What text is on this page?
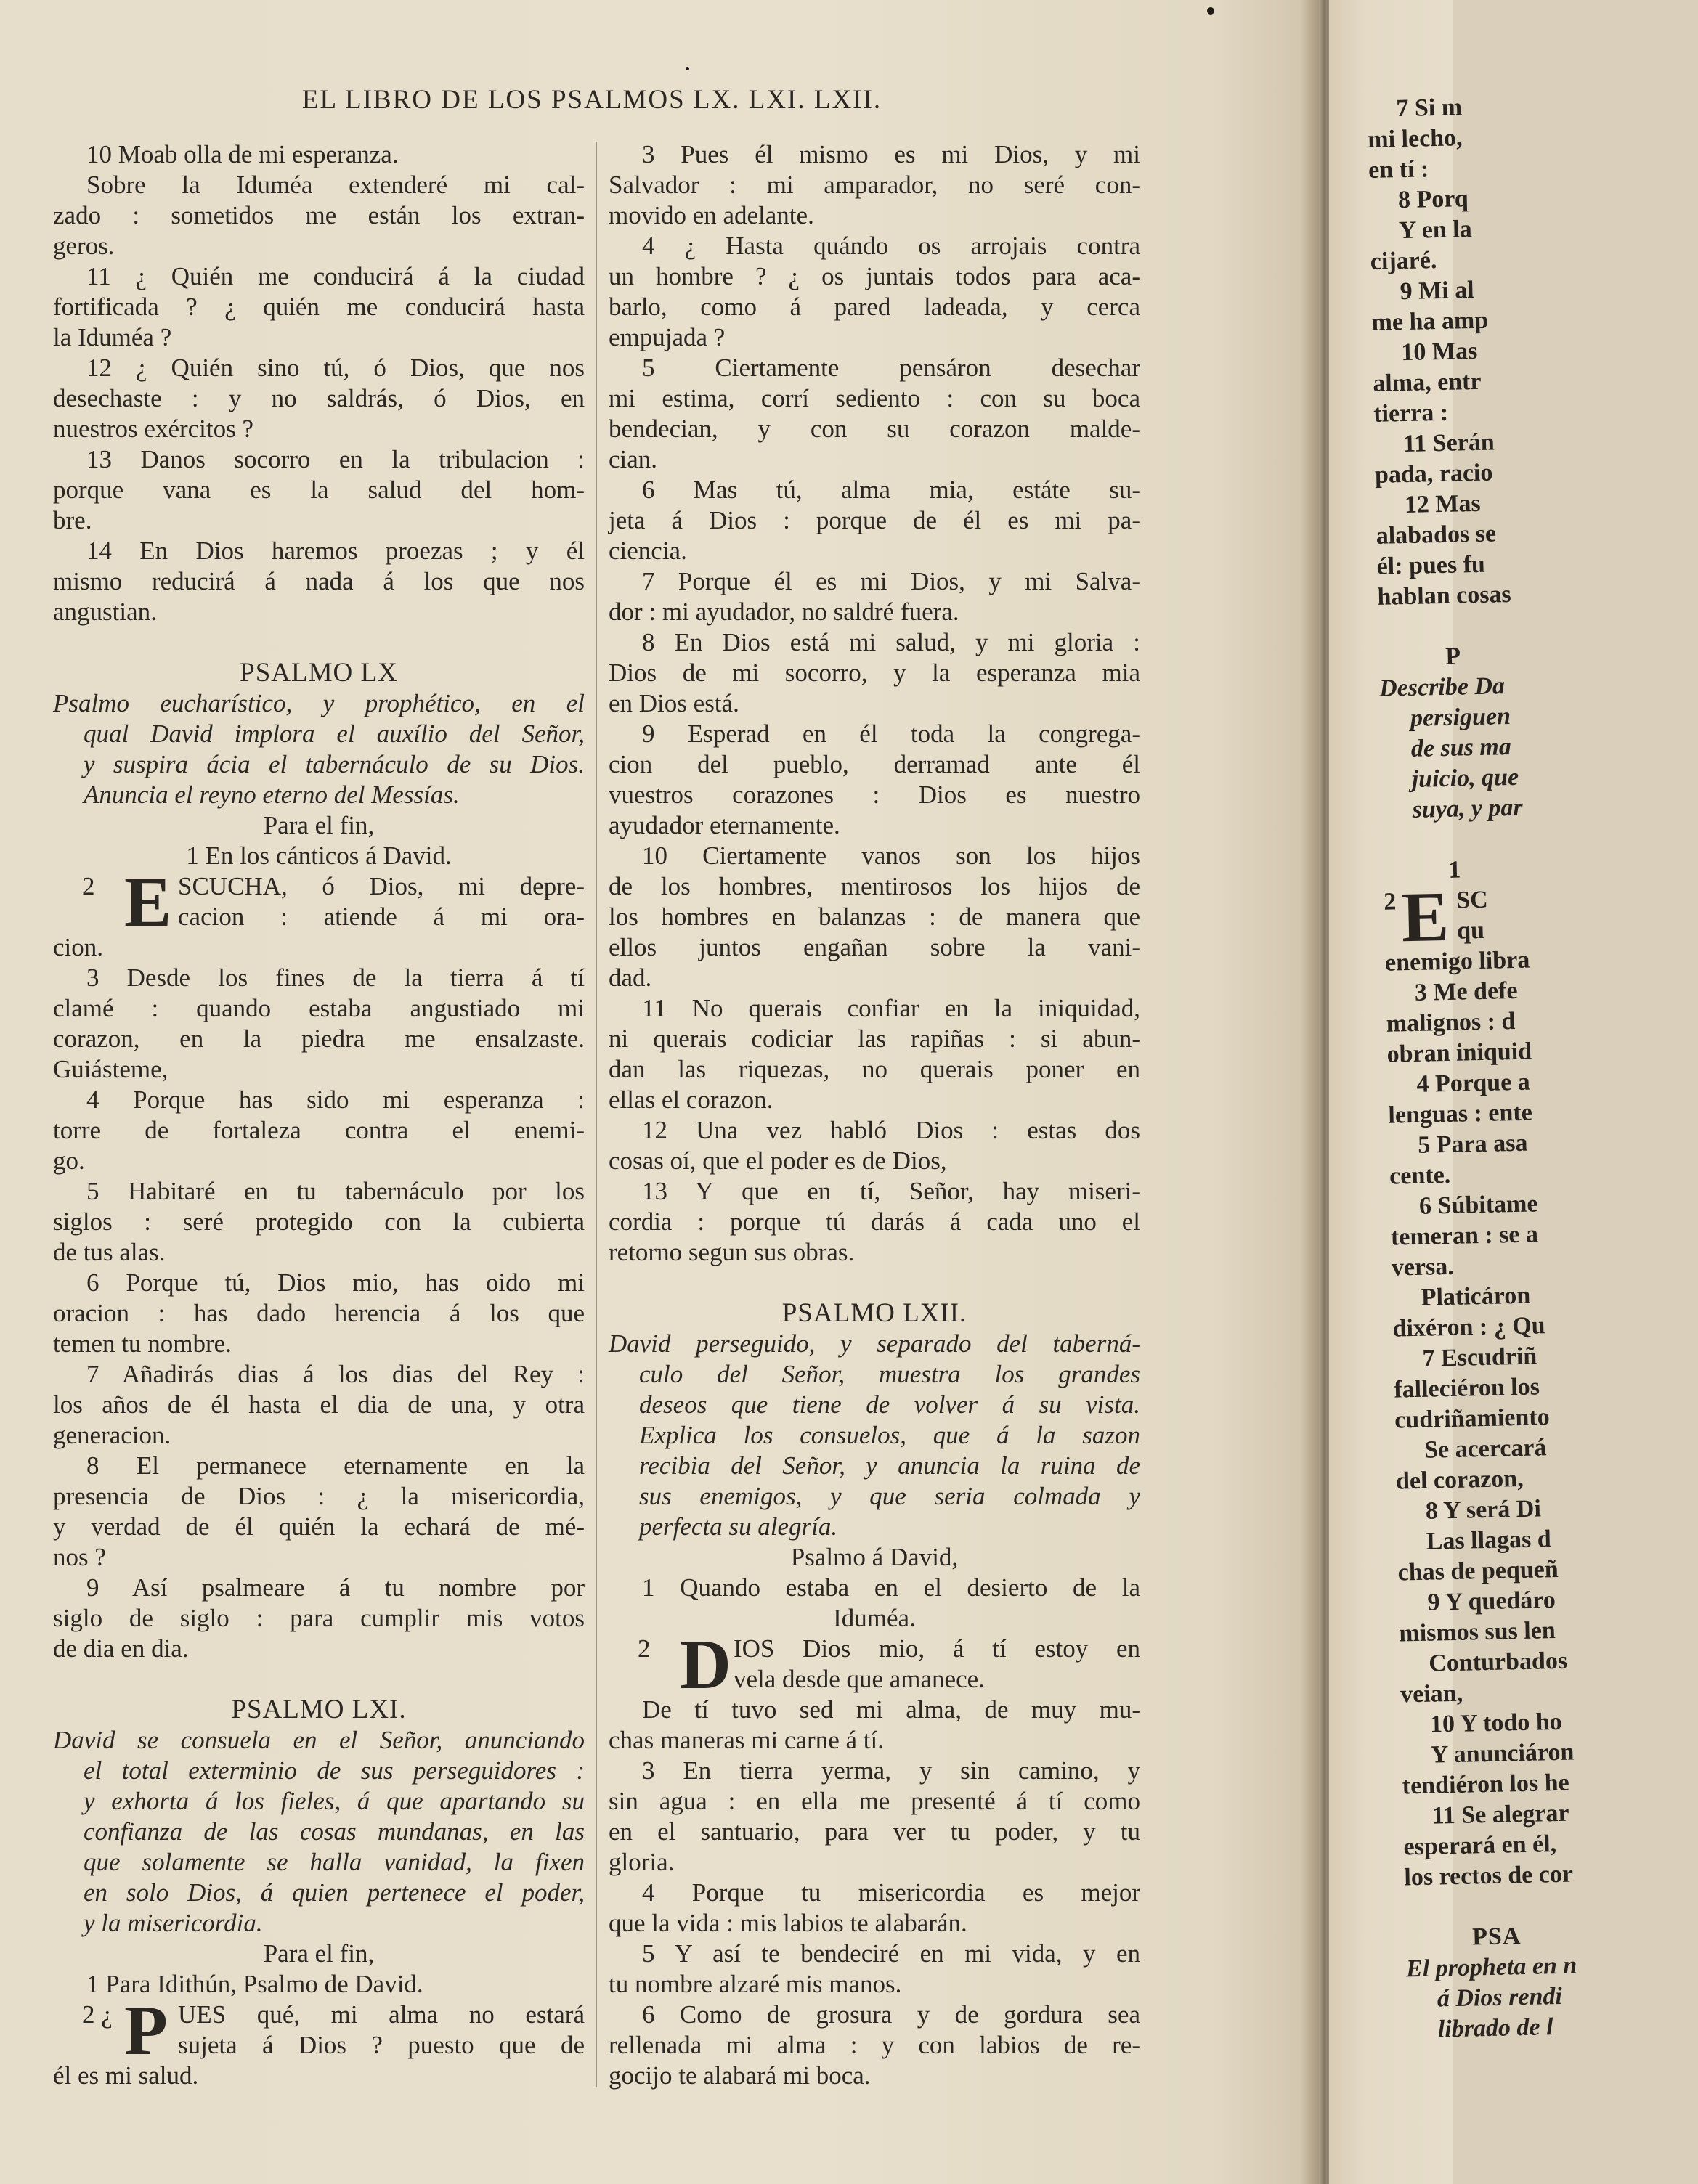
EL LIBRO DE LOS PSALMOS LX. LXI. LXII.
10 Moab olla de mi esperanza.
Sobre la Iduméa extenderé mi cal-
zado : sometidos me están los extran-
geros.
11 ¿ Quién me conducirá á la ciudad
fortificada ? ¿ quién me conducirá hasta
la Iduméa ?
12 ¿ Quién sino tú, ó Dios, que nos
desechaste : y no saldrás, ó Dios, en
nuestros exércitos ?
13 Danos socorro en la tribulacion :
porque vana es la salud del hom-
bre.
14 En Dios haremos proezas ; y él
mismo reducirá á nada á los que nos
angustian.
PSALMO LX
Psalmo eucharístico, y prophético, en el
qual David implora el auxílio del Señor,
y suspira ácia el tabernáculo de su Dios.
Anuncia el reyno eterno del Messías.
Para el fin,
1 En los cánticos á David.
2 E SCUCHA, ó Dios, mi depre-
cacion : atiende á mi ora-
cion.
3 Desde los fines de la tierra á tí
clamé : quando estaba angustiado mi
corazon, en la piedra me ensalzaste.
Guiásteme,
4 Porque has sido mi esperanza :
torre de fortaleza contra el enemi-
go.
5 Habitaré en tu tabernáculo por los
siglos : seré protegido con la cubierta
de tus alas.
6 Porque tú, Dios mio, has oido mi
oracion : has dado herencia á los que
temen tu nombre.
7 Añadirás dias á los dias del Rey :
los años de él hasta el dia de una, y otra
generacion.
8 El permanece eternamente en la
presencia de Dios : ¿ la misericordia,
y verdad de él quién la echará de mé-
nos ?
9 Así psalmeare á tu nombre por
siglo de siglo : para cumplir mis votos
de dia en dia.
PSALMO LXI.
David se consuela en el Señor, anunciando
el total exterminio de sus perseguidores :
y exhorta á los fieles, á que apartando su
confianza de las cosas mundanas, en las
que solamente se halla vanidad, la fixen
en solo Dios, á quien pertenece el poder,
y la misericordia.
Para el fin,
1 Para Idithún, Psalmo de David.
2 ¿ P UES qué, mi alma no estará
sujeta á Dios ? puesto que de
él es mi salud.
3 Pues él mismo es mi Dios, y mi
Salvador : mi amparador, no seré con-
movido en adelante.
4 ¿ Hasta quándo os arrojais contra
un hombre ? ¿ os juntais todos para aca-
barlo, como á pared ladeada, y cerca
empujada ?
5 Ciertamente pensáron desechar
mi estima, corrí sediento : con su boca
bendecian, y con su corazon malde-
cian.
6 Mas tú, alma mia, estáte su-
jeta á Dios : porque de él es mi pa-
ciencia.
7 Porque él es mi Dios, y mi Salva-
dor : mi ayudador, no saldré fuera.
8 En Dios está mi salud, y mi gloria :
Dios de mi socorro, y la esperanza mia
en Dios está.
9 Esperad en él toda la congrega-
cion del pueblo, derramad ante él
vuestros corazones : Dios es nuestro
ayudador eternamente.
10 Ciertamente vanos son los hijos
de los hombres, mentirosos los hijos de
los hombres en balanzas : de manera que
ellos juntos engañan sobre la vani-
dad.
11 No querais confiar en la iniquidad,
ni querais codiciar las rapiñas : si abun-
dan las riquezas, no querais poner en
ellas el corazon.
12 Una vez habló Dios : estas dos
cosas oí, que el poder es de Dios,
13 Y que en tí, Señor, hay miseri-
cordia : porque tú darás á cada uno el
retorno segun sus obras.
PSALMO LXII.
David perseguido, y separado del taberná-
culo del Señor, muestra los grandes
deseos que tiene de volver á su vista.
Explica los consuelos, que á la sazon
recibia del Señor, y anuncia la ruina de
sus enemigos, y que seria colmada y
perfecta su alegría.
Psalmo á David,
1 Quando estaba en el desierto de la
Iduméa.
2 D IOS Dios mio, á tí estoy en
vela desde que amanece.
De tí tuvo sed mi alma, de muy mu-
chas maneras mi carne á tí.
3 En tierra yerma, y sin camino, y
sin agua : en ella me presenté á tí como
en el santuario, para ver tu poder, y tu
gloria.
4 Porque tu misericordia es mejor
que la vida : mis labios te alabarán.
5 Y así te bendeciré en mi vida, y en
tu nombre alzaré mis manos.
6 Como de grosura y de gordura sea
rellenada mi alma : y con labios de re-
gocijo te alabará mi boca.
7 Si m
mi lecho,
en tí :
8 Porq
Y en la
cijaré.
9 Mi al
me ha amp
10 Mas
alma, entr
tierra :
11 Serán
pada, racio
12 Mas
alabados se
él: pues fu
hablan cosas
P
Describe Da
persiguen
de sus ma
juicio, que
suya, y par
1
2 E SC
qu
enemigo libra
3 Me defe
malignos : d
obran iniquid
4 Porque a
lenguas : ente
5 Para asa
cente.
6 Súbitame
temeran : se a
versa.
Platicáron
dixéron : ¿ Qu
7 Escudriñ
falleciéron los
cudriñamiento
Se acercará
del corazon,
8 Y será Di
Las llagas d
chas de pequeñ
9 Y quedáro
mismos sus len
Conturbados
veian,
10 Y todo ho
Y anunciáron
tendiéron los he
11 Se alegrar
esperará en él,
los rectos de cor
PSA
El propheta en n
á Dios rendi
librado de l
